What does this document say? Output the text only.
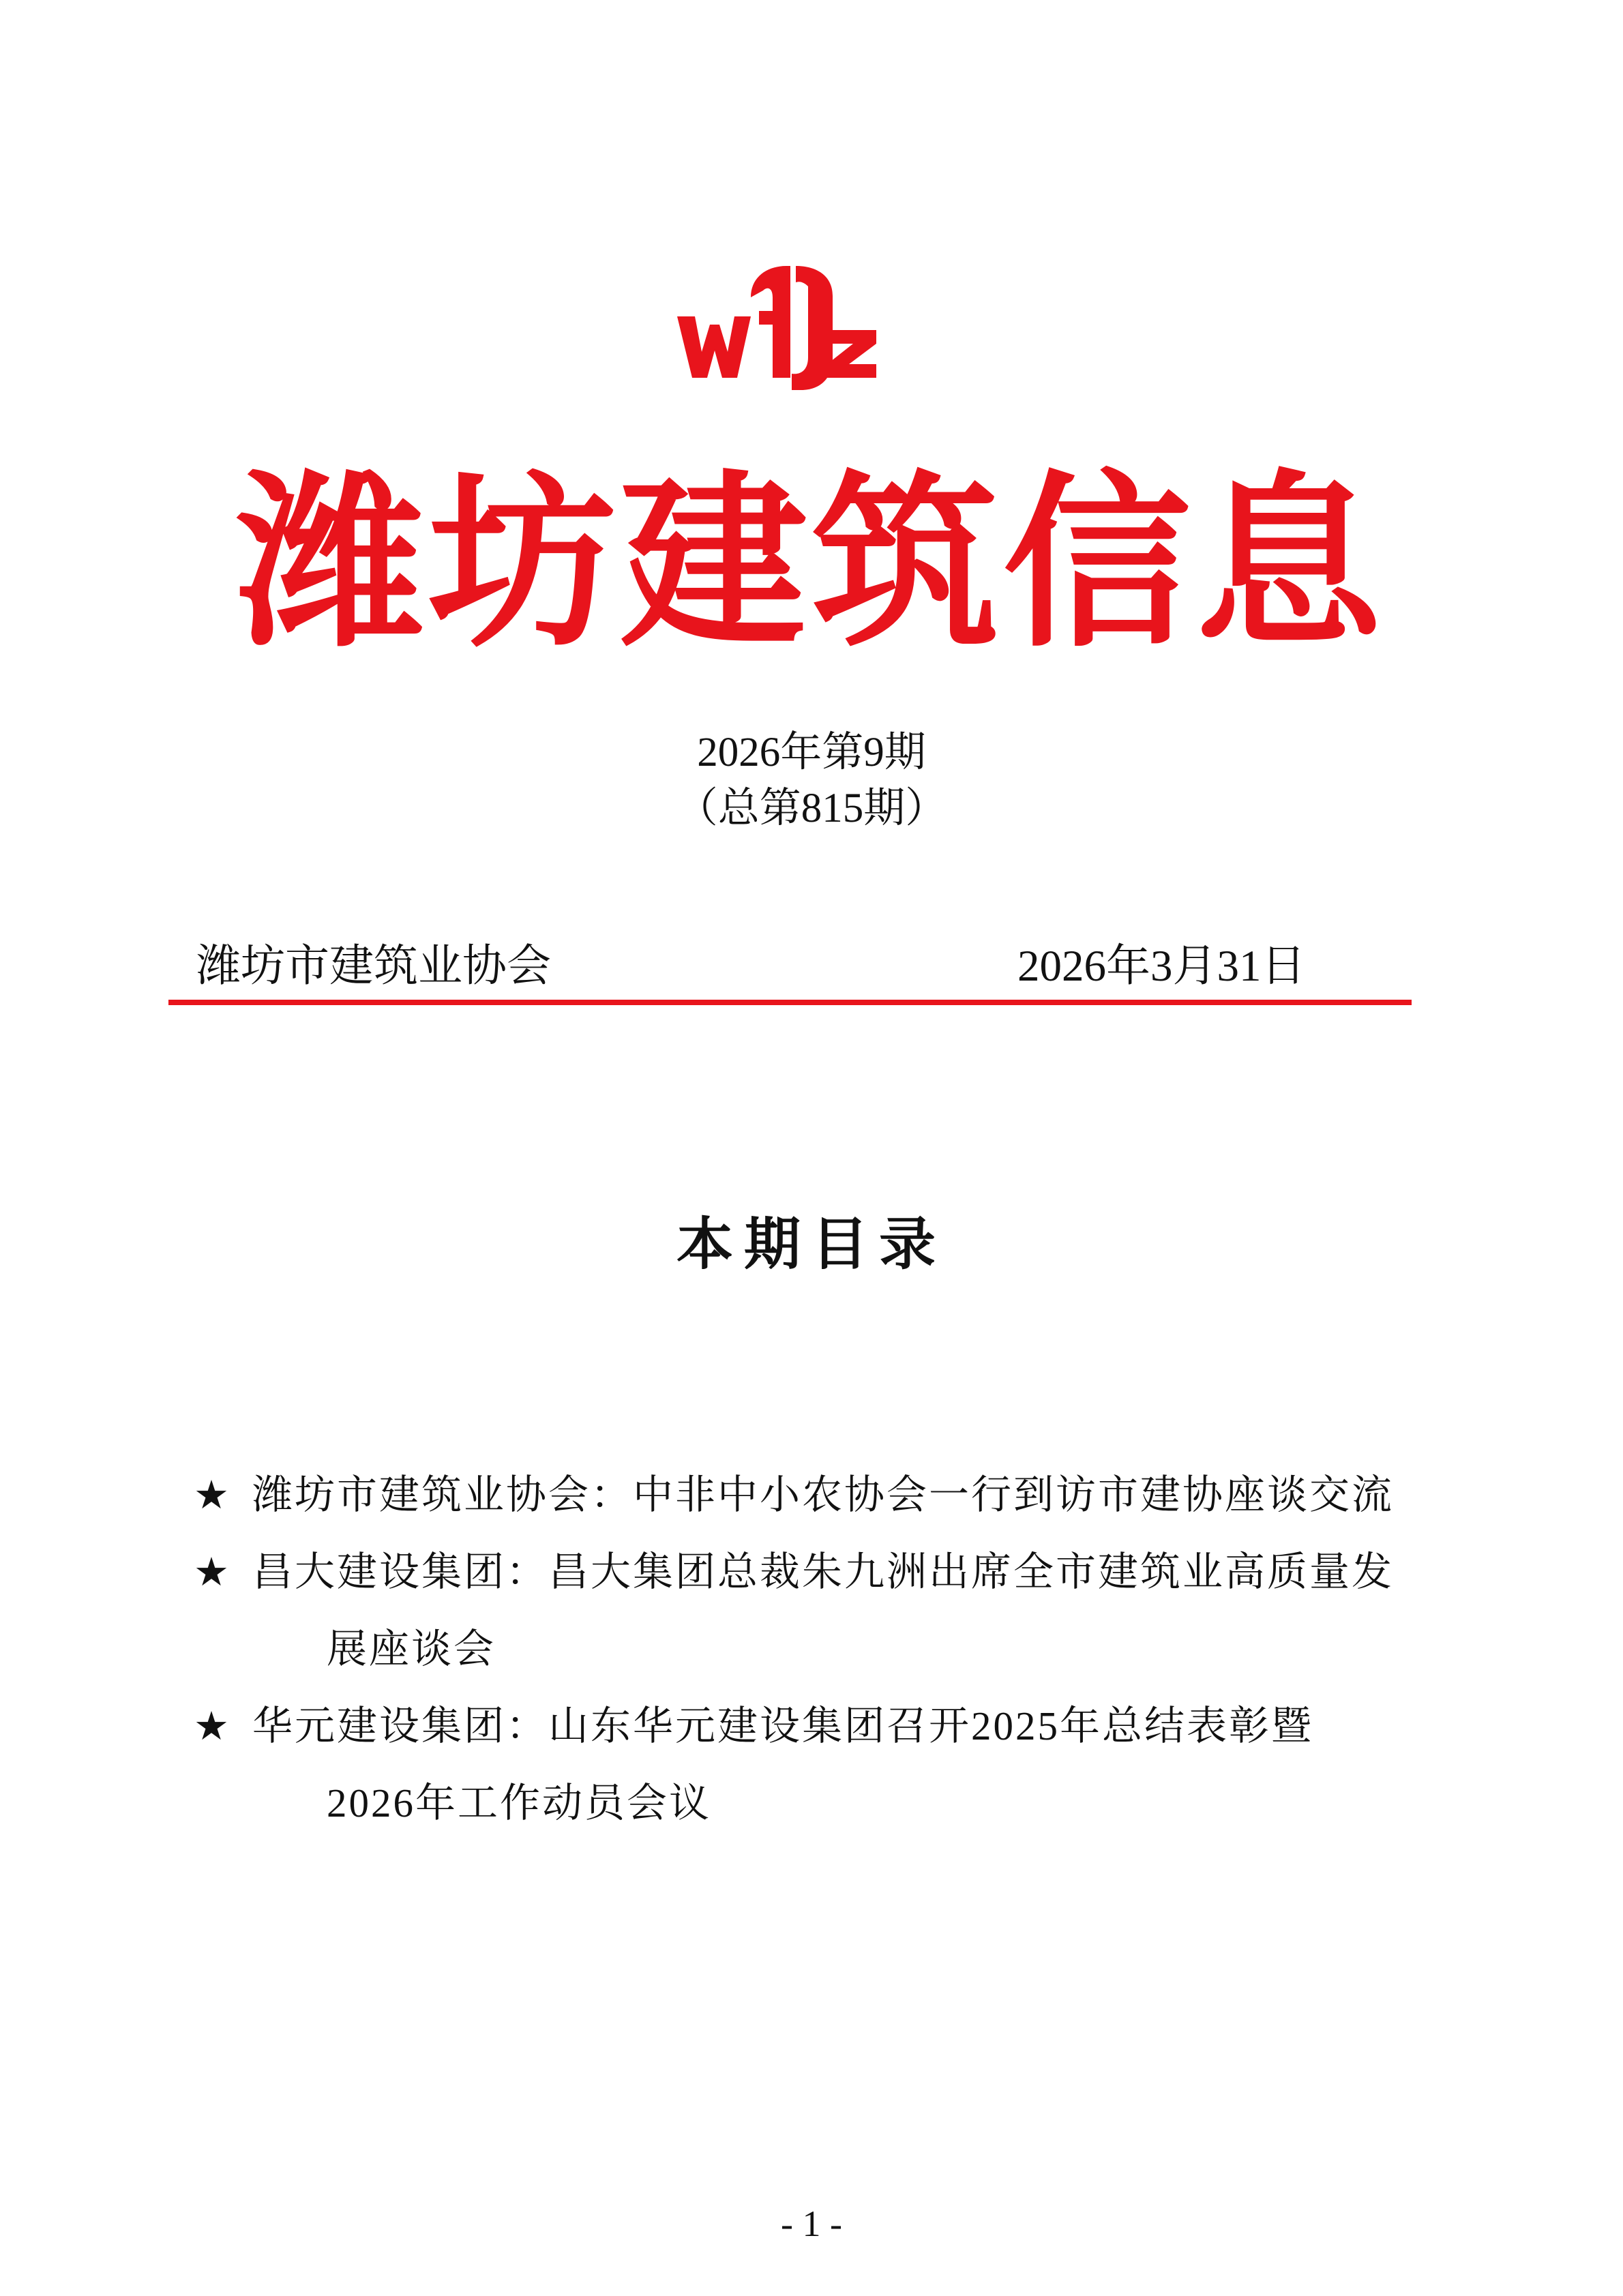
潍坊建筑信息
2026年第9期
（总第815期）
潍坊市建筑业协会	2026年3月31日
本期目录
★ 潍坊市建筑业协会：中非中小农协会一行到访市建协座谈交流
★ 昌大建设集团：昌大集团总裁朱九洲出席全市建筑业高质量发
展座谈会
★ 华元建设集团：山东华元建设集团召开2025年总结表彰暨
2026年工作动员会议
- 1 -
